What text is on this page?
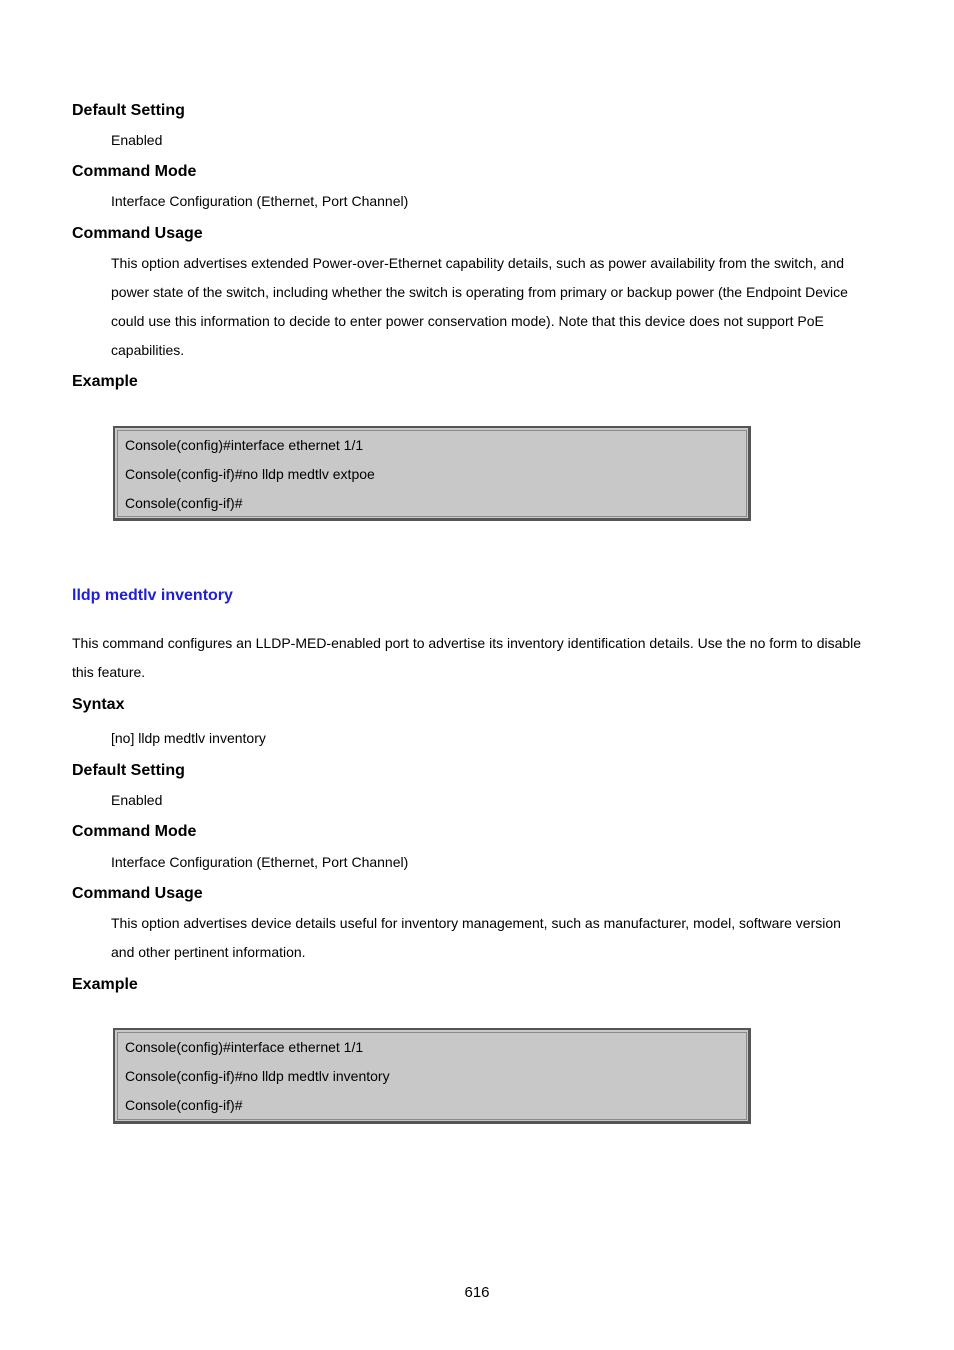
Default Setting
Enabled
Command Mode
Interface Configuration (Ethernet, Port Channel)
Command Usage
This option advertises extended Power-over-Ethernet capability details, such as power availability from the switch, and
power state of the switch, including whether the switch is operating from primary or backup power (the Endpoint Device
could use this information to decide to enter power conservation mode). Note that this device does not support PoE
capabilities.
Example
Console(config)#interface ethernet 1/1
Console(config-if)#no lldp medtlv extpoe
Console(config-if)#
lldp medtlv inventory
This command configures an LLDP-MED-enabled port to advertise its inventory identification details. Use the no form to disable
this feature.
Syntax
[no] lldp medtlv inventory
Default Setting
Enabled
Command Mode
Interface Configuration (Ethernet, Port Channel)
Command Usage
This option advertises device details useful for inventory management, such as manufacturer, model, software version
and other pertinent information.
Example
Console(config)#interface ethernet 1/1
Console(config-if)#no lldp medtlv inventory
Console(config-if)#
616
